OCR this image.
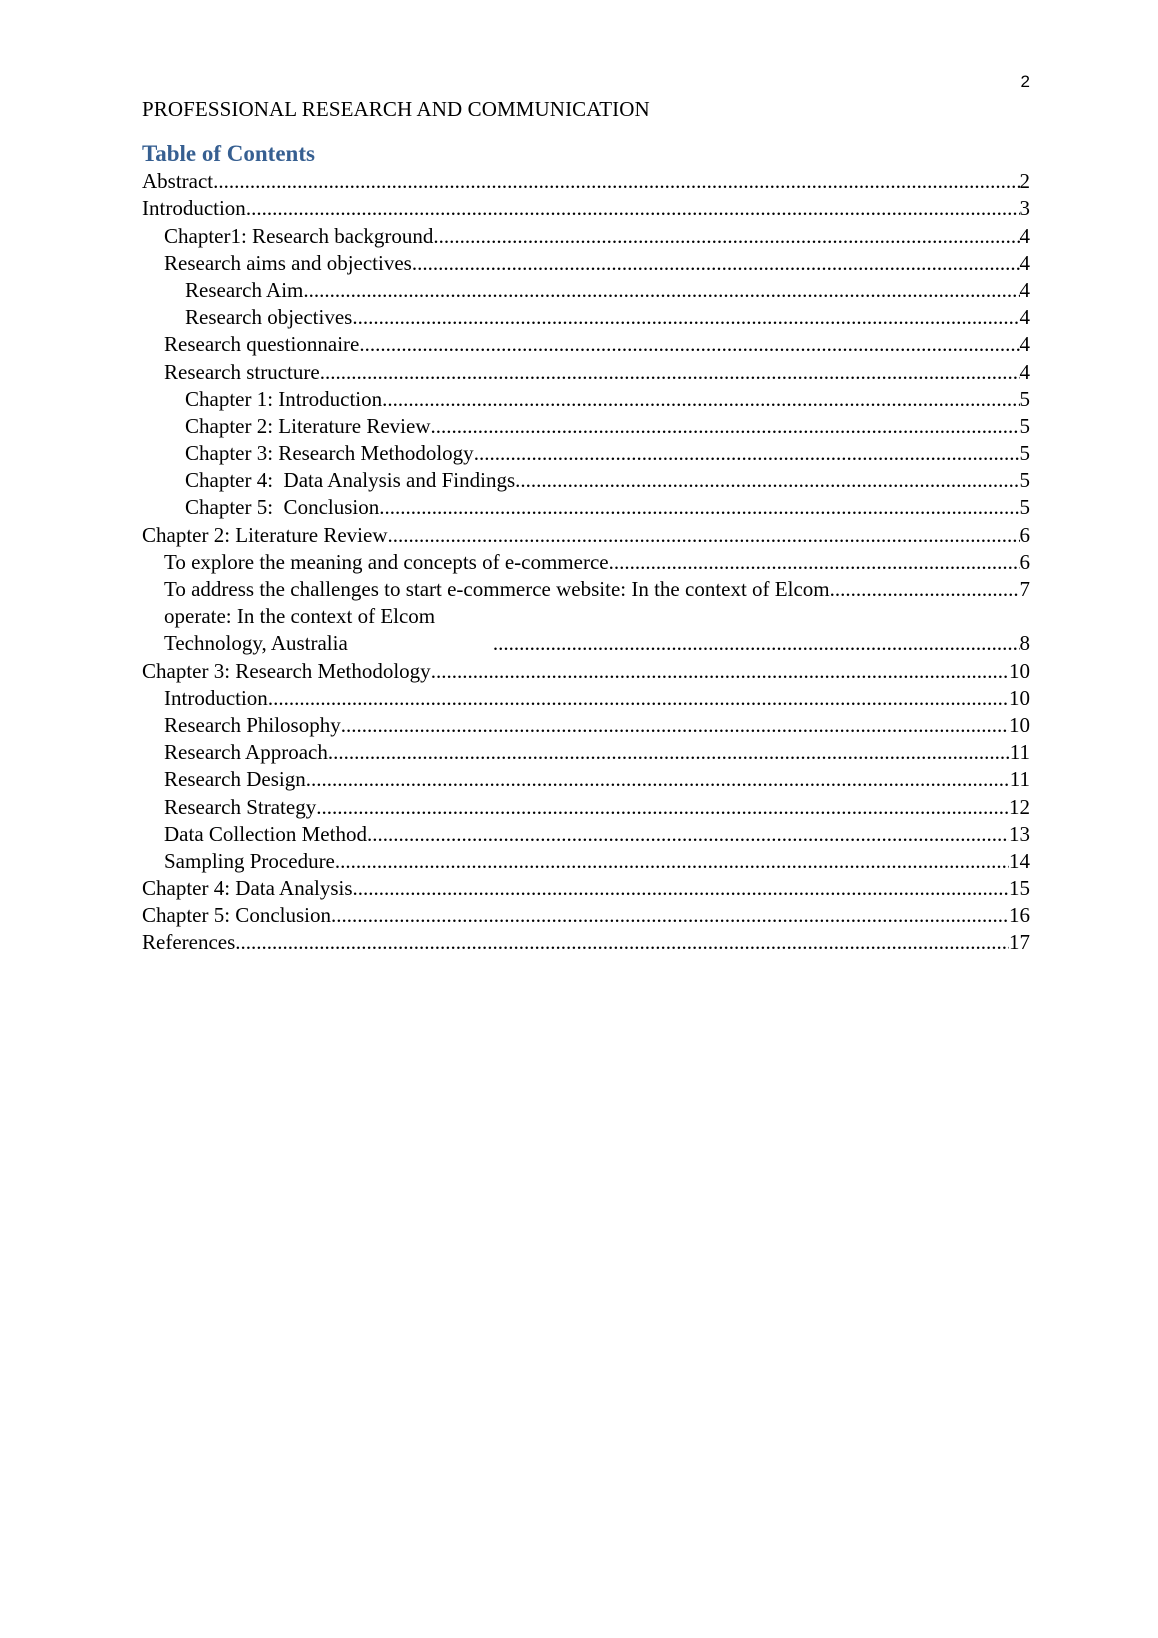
2
PROFESSIONAL RESEARCH AND COMMUNICATION
Table of Contents
Abstract .....	2
Introduction .....	3
Chapter1: Research background .....	4
Research aims and objectives .....	4
Research Aim .....	4
Research objectives .....	4
Research questionnaire .....	4
Research structure .....	4
Chapter 1: Introduction .....	5
Chapter 2: Literature Review .....	5
Chapter 3: Research Methodology .....	5
Chapter 4:  Data Analysis and Findings .....	5
Chapter 5:  Conclusion .....	5
Chapter 2: Literature Review .....	6
To explore the meaning and concepts of e-commerce .....	6
To address the challenges to start e-commerce website: In the context of Elcom .....	7
operate: In the context of Elcom Technology, Australia .....	8
Chapter 3: Research Methodology .....	10
Introduction .....	10
Research Philosophy .....	10
Research Approach .....	11
Research Design .....	11
Research Strategy .....	12
Data Collection Method .....	13
Sampling Procedure .....	14
Chapter 4: Data Analysis .....	15
Chapter 5: Conclusion .....	16
References .....	17
